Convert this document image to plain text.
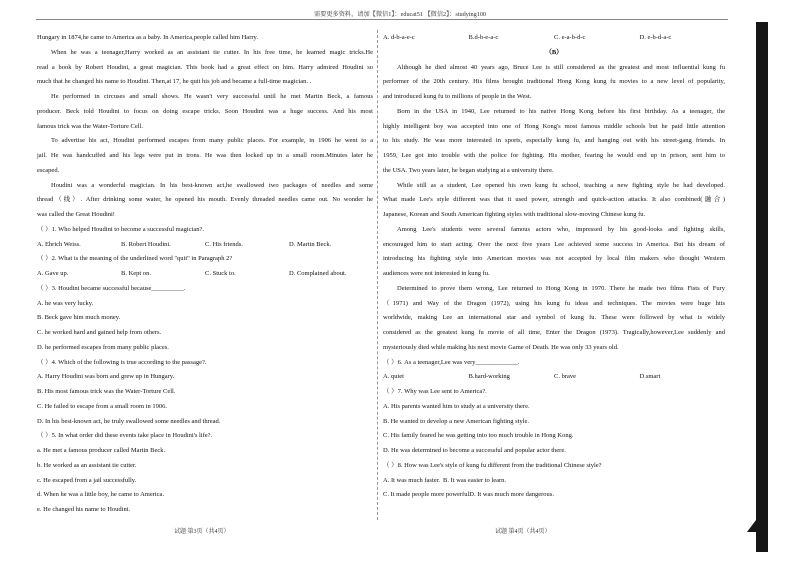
需要更多资料，请加【微信1】：educat51 【微信2】：studying100
Hungary in 1874,he came to America as a baby. In America,people called him Harry.
When he was a teenager,Harry worked as an assistant tie cutter. In his free time, he learned magic tricks.He
read a book by Robert Houdini, a great magician. This book had a great effect on him. Harry admired Houdini so
much that he changed his name to Houdini. Then,at 17, he quit his job and became a full-time magician. .
He performed in circuses and small shows. He wasn't very successful until he met Martin Beck, a famous
producer. Beck told Houdini to focus on doing escape tricks. Soon Houdini was a huge success. And his most
famous trick was the Water-Torture Cell.
To advertise his act, Houdini performed escapes from many public places. For example, in 1906 he went to a
jail. He was handcuffed and his legs were put in irons. He was then locked up in a small room.Minutes later he
escaped.
Houdini was a wonderful magician. In his best-known act,he swallowed two packages of needles and some
thread（线）. After drinking some water, he opened his mouth. Evenly threaded needles came out. No wonder he
was called the Great Houdini!
（ ）1. Who helped Houdini to become a successful magician?.
A. Ehrich Weiss.	B. Robert Houdini.	C. His friends.	D. Martin Beck.
（ ）2. What is the meaning of the underlined word "quit" in Paragraph 2?
A. Gave up.	B. Kept on.	C. Stuck to.	D. Complained about.
（ ）3. Houdini became successful because__________.
A. he was very lucky.
B. Beck gave him much money.
C. he worked hard and gained help from others.
D. he performed escapes from many public places.
（ ）4. Which of the following is true according to the passage?.
A. Harry Houdini was born and grew up in Hungary.
B. His most famous trick was the Water-Torture Cell.
C. He failed to escape from a small room in 1906.
D. In his best-known act, he truly swallowed some needles and thread.
（ ）5. In what order did these events take place in Houdini's life?.
a. He met a famous producer called Martin Beck.
b. He worked as an assistant tie cutter.
c. He escaped from a jail successfully.
d. When he was a little boy, he came to America.
e. He changed his name to Houdini.
A. d-b-a-e-c	B.d-b-e-a-c	C. e-a-b-d-c	D. e-b-d-a-c
（B）
Although he died almost 40 years ago, Bruce Lee is still considered as the greatest and most influential kung fu
performer of the 20th century. His films brought traditional Hong Kong kung fu movies to a new level of popularity,
and introduced kung fu to millions of people in the West.
Born in the USA in 1940, Lee returned to his native Hong Kong before his first birthday. As a teenager, the
highly intelligent boy was accepted into one of Hong Kong's most famous middle schools but he paid little attention
to his study. He was more interested in sports, especially kung fu, and hanging out with his street-gang friends. In
1959, Lee got into trouble with the police for fighting. His mother, fearing he would end up in prison, sent him to
the USA. Two years later, he began studying at a university there.
While still as a student, Lee opened his own kung fu school, teaching a new fighting style he had developed.
What made Lee's style different was that it used power, strength and quick-action attacks. It also combined(融合)
Japanese, Korean and South American fighting styles with traditional slow-moving Chinese kung fu.
Among Lee's students were several famous actors who, impressed by his good-looks and fighting skills,
encouraged him to start acting. Over the next five years Lee achieved some success in America. But his dream of
introducing his fighting style into American movies was not accepted by local film makers who thought Western
audiences were not interested in kung fu.
Determined to prove them wrong, Lee returned to Hong Kong in 1970. There he made two films Fists of Fury
（1971) and Way of the Dragon (1972), using his kung fu ideas and techniques. The movies were huge hits
worldwide, making Lee an international star and symbol of kung fu. These were followed by what is widely
considered as the greatest kung fu movie of all time, Enter the Dragon (1973). Tragically,however,Lee suddenly and
mysteriously died while making his next movie Game of Death. He was only 33 years old.
（ ）6. As a teenager,Lee was very_____________.
A. quiet	B.hard-working	C. brave	D.smart
（ ）7. Why was Lee sent to America?.
A. His parents wanted him to study at a university there.
B. He wanted to develop a new American fighting style.
C. His family feared he was getting into too much trouble in Hong Kong.
D. He was determined to become a successful and popular actor there.
（ ）8. How was Lee's style of kung fu different from the traditional Chinese style?
A. It was much faster. B. It was easier to learn.
C. It made people more powerful.D. It was much more dangerous.
试题 第3页（共4页）	试题 第4页（共4页）
